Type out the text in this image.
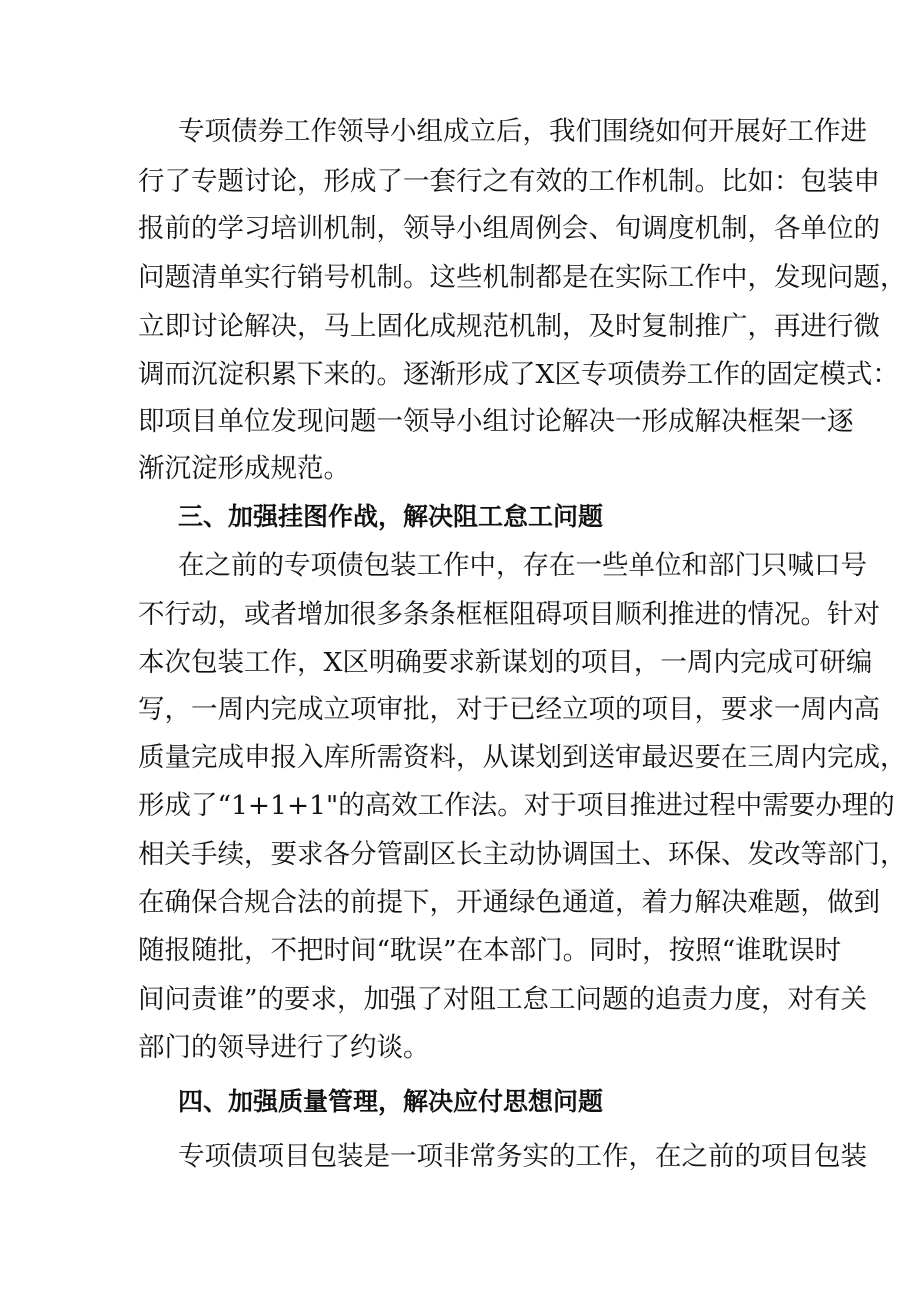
专项债券工作领导小组成立后，我们围绕如何开展好工作进
行了专题讨论，形成了一套行之有效的工作机制。比如：包装申
报前的学习培训机制，领导小组周例会、旬调度机制，各单位的
问题清单实行销号机制。这些机制都是在实际工作中，发现问题，
立即讨论解决，马上固化成规范机制，及时复制推广，再进行微
调而沉淀积累下来的。逐渐形成了X区专项债券工作的固定模式：
即项目单位发现问题一领导小组讨论解决一形成解决框架一逐
渐沉淀形成规范。
三、加强挂图作战，解决阻工怠工问题
在之前的专项债包装工作中，存在一些单位和部门只喊口号
不行动，或者增加很多条条框框阻碍项目顺利推进的情况。针对
本次包装工作，X区明确要求新谋划的项目，一周内完成可研编
写，一周内完成立项审批，对于已经立项的项目，要求一周内高
质量完成申报入库所需资料，从谋划到送审最迟要在三周内完成，
形成了“1+1+1"的高效工作法。对于项目推进过程中需要办理的
相关手续，要求各分管副区长主动协调国土、环保、发改等部门，
在确保合规合法的前提下，开通绿色通道，着力解决难题，做到
随报随批，不把时间“耽误”在本部门。同时，按照“谁耽误时
间问责谁”的要求，加强了对阻工怠工问题的追责力度，对有关
部门的领导进行了约谈。
四、加强质量管理，解决应付思想问题
专项债项目包装是一项非常务实的工作，在之前的项目包装
